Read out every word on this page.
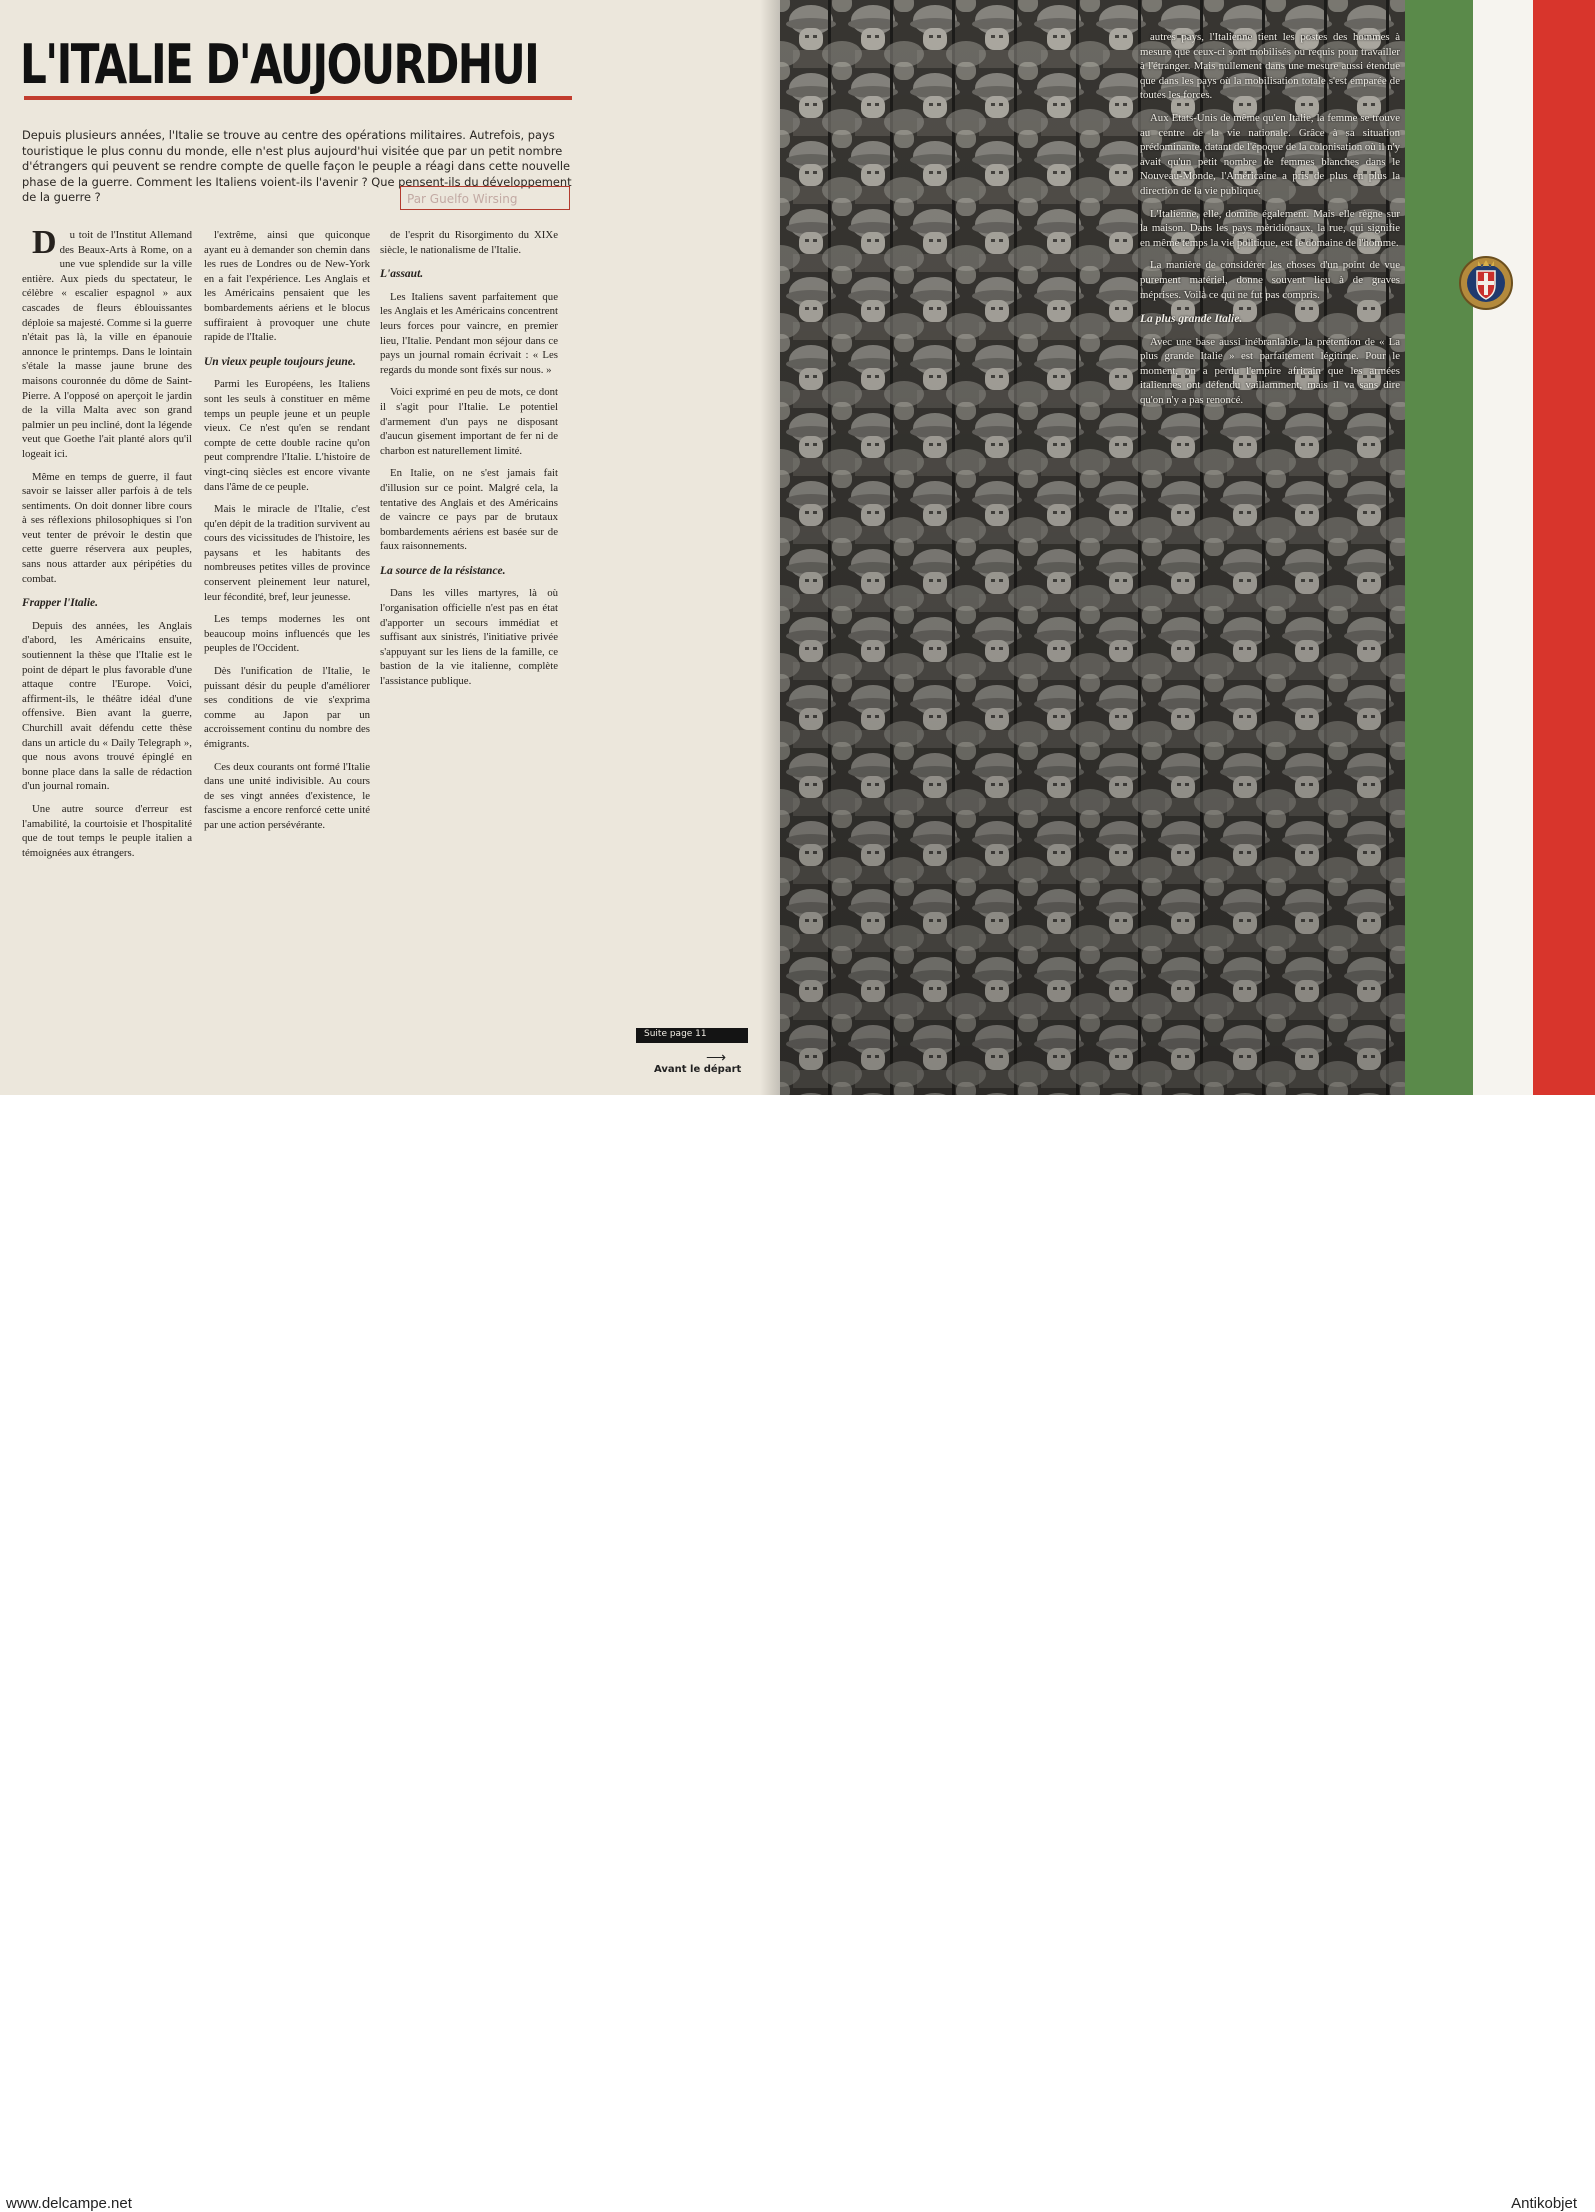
L'ITALIE D'AUJOURDHUI

Depuis plusieurs années, l'Italie se trouve au centre des opérations militaires. Autrefois, pays touristique le plus connu du monde, elle n'est plus aujourd'hui visitée que par un petit nombre d'étrangers qui peuvent se rendre compte de quelle façon le peuple a réagi dans cette nouvelle phase de la guerre. Comment les Italiens voient-ils l'avenir ? Que pensent-ils du développement de la guerre ?	Par Guelfo Wirsing

D u toit de l'Institut Allemand des Beaux-Arts à Rome, on a une vue splendide sur la ville entière. Aux pieds du spectateur, le célèbre « escalier espagnol » aux cascades de fleurs éblouissantes déploie sa majesté. Comme si la guerre n'était pas là, la ville en épanouie annonce le printemps. Dans le lointain s'étale la masse jaune brune des maisons couronnée du dôme de Saint-Pierre. A l'opposé on aperçoit le jardin de la villa Malta avec son grand palmier un peu incliné, dont la légende veut que Goethe l'ait planté alors qu'il logeait ici.

Même en temps de guerre, il faut savoir se laisser aller parfois à de tels sentiments. On doit donner libre cours à ses réflexions philosophiques si l'on veut tenter de prévoir le destin que cette guerre réservera aux peuples, sans nous attarder aux péripéties du combat.

Frapper l'Italie.

Depuis des années, les Anglais d'abord, les Américains ensuite, soutiennent la thèse que l'Italie est le point de départ le plus favorable d'une attaque contre l'Europe. Voici, affirment-ils, le théâtre idéal d'une offensive. Bien avant la guerre, Churchill avait défendu cette thèse dans un article du « Daily Telegraph », que nous avons trouvé épinglé en bonne place dans la salle de rédaction d'un journal romain.

Une autre source d'erreur est l'amabilité, la courtoisie et l'hospitalité que de tout temps le peuple italien a témoignées aux étrangers.

l'extrême, ainsi que quiconque ayant eu à demander son chemin dans les rues de Londres ou de New-York en a fait l'expérience. Les Anglais et les Américains pensaient que les bombardements aériens et le blocus suffiraient à provoquer une chute rapide de l'Italie.

Un vieux peuple toujours jeune.

Parmi les Européens, les Italiens sont les seuls à constituer en même temps un peuple jeune et un peuple vieux. Ce n'est qu'en se rendant compte de cette double racine qu'on peut comprendre l'Italie. L'histoire de vingt-cinq siècles est encore vivante dans l'âme de ce peuple.

Mais le miracle de l'Italie, c'est qu'en dépit de la tradition survivent au cours des vicissitudes de l'histoire, les paysans et les habitants des nombreuses petites villes de province conservent pleinement leur naturel, leur fécondité, bref, leur jeunesse.

Les temps modernes les ont beaucoup moins influencés que les peuples de l'Occident.

Dès l'unification de l'Italie, le puissant désir du peuple d'améliorer ses conditions de vie s'exprima comme au Japon par un accroissement continu du nombre des émigrants.

Ces deux courants ont formé l'Italie dans une unité indivisible. Au cours de ses vingt années d'existence, le fascisme a encore renforcé cette unité par une action persévérante.

de l'esprit du Risorgimento du XIXe siècle, le nationalisme de l'Italie.

L'assaut.

Les Italiens savent parfaitement que les Anglais et les Américains concentrent leurs forces pour vaincre, en premier lieu, l'Italie. Pendant mon séjour dans ce pays un journal romain écrivait : « Les regards du monde sont fixés sur nous. »

Voici exprimé en peu de mots, ce dont il s'agit pour l'Italie. Le potentiel d'armement d'un pays ne disposant d'aucun gisement important de fer ni de charbon est naturellement limité.

En Italie, on ne s'est jamais fait d'illusion sur ce point. Malgré cela, la tentative des Anglais et des Américains de vaincre ce pays par de brutaux bombardements aériens est basée sur de faux raisonnements.

La source de la résistance.

Dans les villes martyres, là où l'organisation officielle n'est pas en état d'apporter un secours immédiat et suffisant aux sinistrés, l'initiative privée s'appuyant sur les liens de la famille, ce bastion de la vie italienne, complète l'assistance publique.

Suite page 11
⟶
Avant le départ

autres pays, l'Italienne tient les postes des hommes à mesure que ceux-ci sont mobilisés ou requis pour travailler à l'étranger. Mais nullement dans une mesure aussi étendue que dans les pays où la mobilisation totale s'est emparée de toutes les forces.

Aux Etats-Unis de même qu'en Italie, la femme se trouve au centre de la vie nationale. Grâce à sa situation prédominante, datant de l'époque de la colonisation où il n'y avait qu'un petit nombre de femmes blanches dans le Nouveau-Monde, l'Américaine a pris de plus en plus la direction de la vie publique.

L'Italienne, elle, domine également. Mais elle règne sur la maison. Dans les pays méridionaux, la rue, qui signifie en même temps la vie politique, est le domaine de l'homme.

La manière de considérer les choses d'un point de vue purement matériel, donne souvent lieu à de graves méprises. Voilà ce qui ne fut pas compris.

La plus grande Italie.

Avec une base aussi inébranlable, la prétention de « La plus grande Italie » est parfaitement légitime. Pour le moment, on a perdu l'empire africain que les armées italiennes ont défendu vaillamment, mais il va sans dire qu'on n'y a pas renoncé.

www.delcampe.net	Antikobjet
